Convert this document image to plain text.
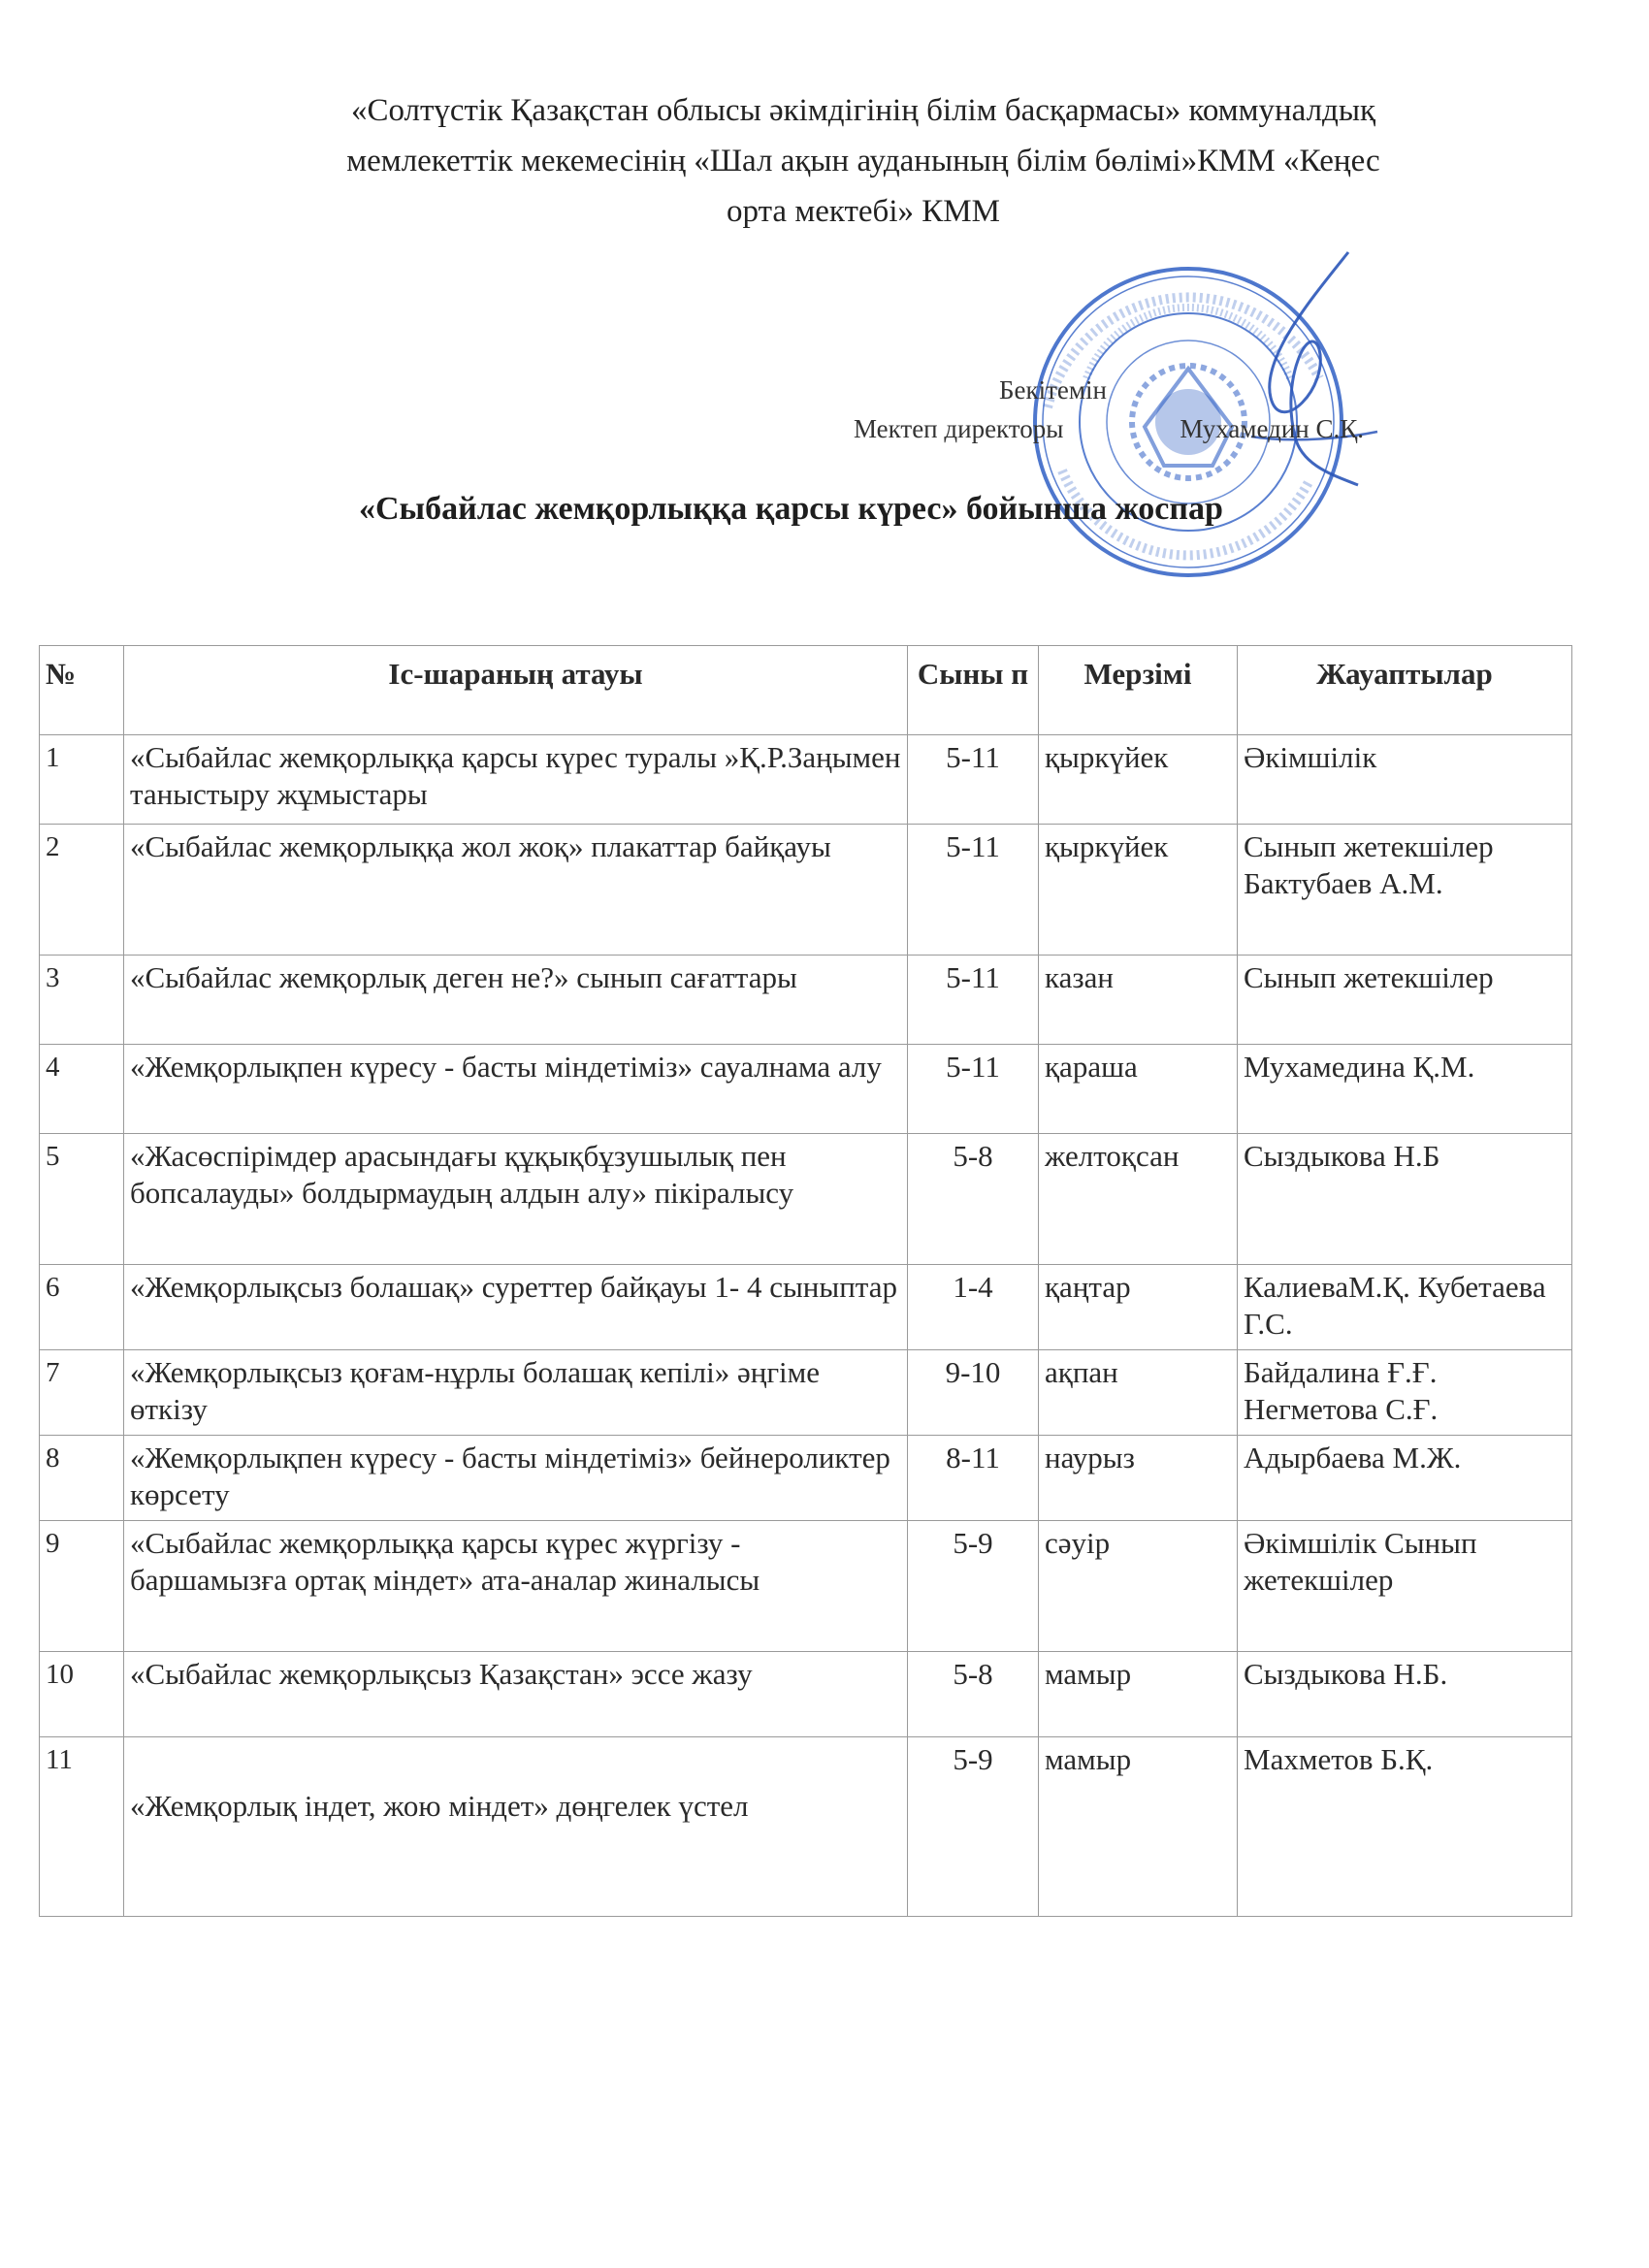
«Солтүстік Қазақстан облысы әкімдігінің білім басқармасы» коммуналдық
мемлекеттік мекемесінің «Шал ақын ауданының білім бөлімі»КММ «Кеңес
орта мектебі» КММ
Бекітемін
Мектеп директоры	Мухамедин С.Қ.
«Сыбайлас жемқорлыққа қарсы күрес» бойынша жоспар
№	Іс-шараның атауы	Сыны п	Мерзімі	Жауаптылар
1	«Сыбайлас жемқорлыққа қарсы күрес туралы »Қ.Р.Заңымен таныстыру жұмыстары	5-11	қыркүйек	Әкімшілік
2	«Сыбайлас жемқорлыққа жол жоқ» плакаттар байқауы	5-11	қыркүйек	Сынып жетекшілер Бактубаев А.М.
3	«Сыбайлас жемқорлық деген не?» сынып сағаттары	5-11	казан	Сынып жетекшілер
4	«Жемқорлықпен күресу - басты міндетіміз» сауалнама алу	5-11	қараша	Мухамедина Қ.М.
5	«Жасөспірімдер арасындағы құқықбұзушылық пен бопсалауды» болдырмаудың алдын алу» пікіралысу	5-8	желтоқсан	Сыздыкова Н.Б
6	«Жемқорлықсыз болашақ» суреттер байқауы 1- 4 сыныптар	1-4	қаңтар	КалиеваМ.Қ. Кубетаева Г.С.
7	«Жемқорлықсыз қоғам-нұрлы болашақ кепілі» әңгіме өткізу	9-10	ақпан	Байдалина Ғ.Ғ. Негметова С.Ғ.
8	«Жемқорлықпен күресу - басты міндетіміз» бейнероликтер көрсету	8-11	наурыз	Адырбаева М.Ж.
9	«Сыбайлас жемқорлыққа қарсы күрес жүргізу - баршамызға ортақ міндет» ата-аналар жиналысы	5-9	сәуір	Әкімшілік Сынып жетекшілер
10	«Сыбайлас жемқорлықсыз Қазақстан» эссе жазу	5-8	мамыр	Сыздыкова Н.Б.
11	«Жемқорлық індет, жою міндет» дөңгелек үстел	5-9	мамыр	Махметов Б.Қ.
